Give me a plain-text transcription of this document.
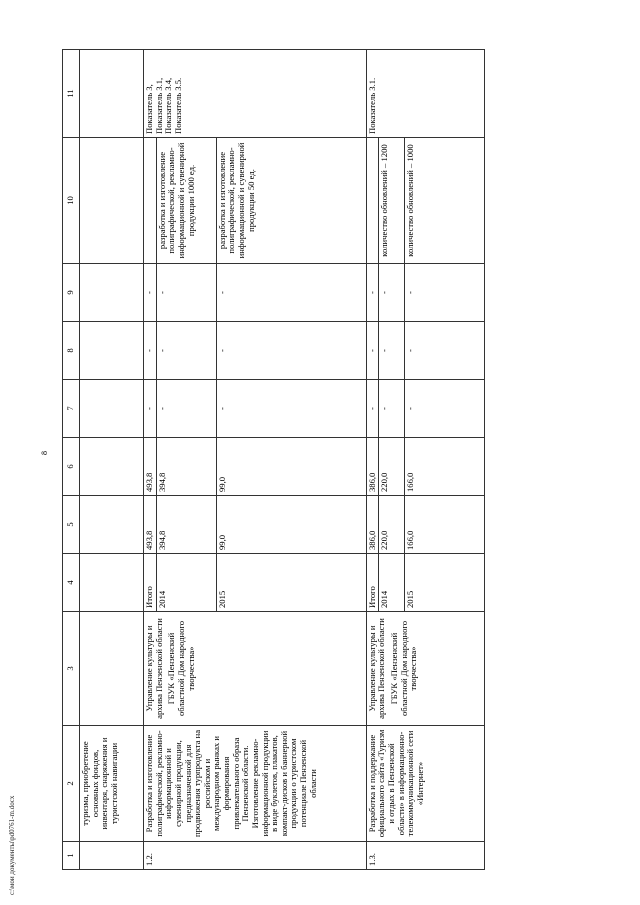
8
1	2	3	4	5	6	7	8	9	10	11
	туризма, приобретение основных фондов, инвентаря, снаряжения и туристской навигации									
1.2.	Разработка и изготовление полиграфической, рекламно-информационной и сувенирной продукции, предназначенной для продвижения турпродукта на российском и международном рынках и формирования привлекательного образа Пензенской области. Изготовление рекламно-информационной продукции в виде буклетов, плакатов, компакт-дисков и баннерной продукции о туристском потенциале Пензенской области	Управление культуры и архива Пензенской области ГБУК «Пензенский областной Дом народного творчества»	Итого	493,8	493,8	-	-	-		Показатель 3, Показатель 3.1, Показатель 3.4, Показатель 3.5.
			2014	394,8	394,8	-	-	-	разработка и изготовление полиграфической, рекламно-информационной и сувенирной продукции 1000 ед.	
			2015	99,0	99,0	-	-	-	разработка и изготовление полиграфической, рекламно-информационной и сувенирной продукции 50 ед.	
1.3.	Разработка и поддержание официального сайта «Туризм и отдых в Пензенской области» в информационно-телекоммуникационной сети «Интернет»	Управление культуры и архива Пензенской области ГБУК «Пензенский областной Дом народного творчества»	Итого	386,0	386,0	-	-	-		Показатель 3.1.
			2014	220,0	220,0	-	-	-	количество обновлений – 1200	
			2015	166,0	166,0	-	-	-	количество обновлений – 1000	
c:\мои документы\pd0761-m.docx
